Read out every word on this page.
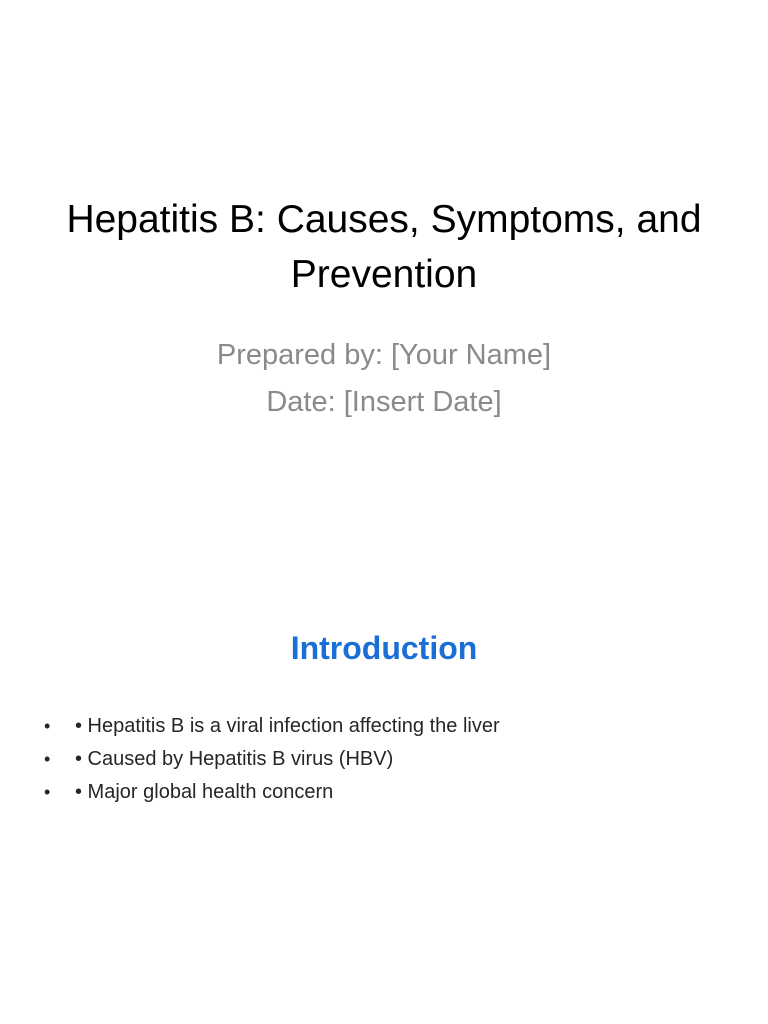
Hepatitis B: Causes, Symptoms, and Prevention
Prepared by: [Your Name]
Date: [Insert Date]
Introduction
• • Hepatitis B is a viral infection affecting the liver
• • Caused by Hepatitis B virus (HBV)
• • Major global health concern
